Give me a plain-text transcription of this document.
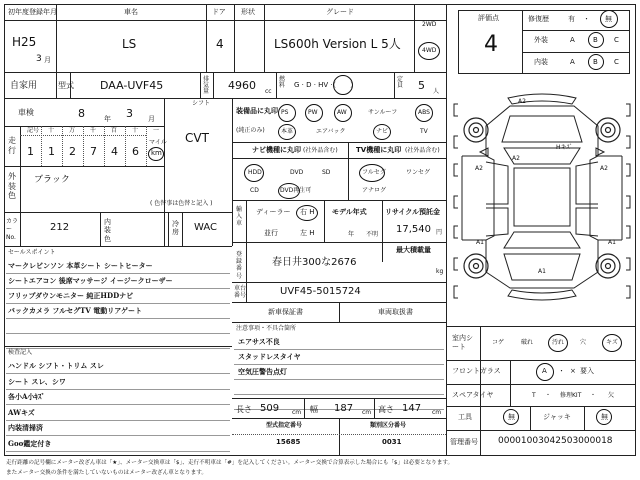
初年度登録年月
H25
3 月
車名
LS
ドア
4
形状	グレード
LS600h Version L 5人
2WD
4WD
自家用	型式 DAA-UVF45	排気量 4960 cc
燃料 G · D · HV ·（　　）
定員 5 人
車検	8	年 3 月
シフト
CVT
走行
記号 十 万 千 百 十 一
1 1 2 7 4 6
マイル
km
外装色
ブラック
( 色替事は色替と記入 )
カラーNo.
212	内装色
冷房 WAC
装備品に丸印
(純正のみ)
PS	PW	AW	サンルーフ	ABS
本革	エアバック	ナビ	TV
ナビ機種に丸印 (社外品含む)	TV機種に丸印 (社外品含む)
HDD	DVD	SD
CD	DVD再生可
フルセグ	ワンセグ
アナログ
輸入車
ディーラー 右 H
並行	左 H
モデル年式
年 不明
リサイクル預託金
17,540 円
最大積載量
kg
登録番号
春日井300な2676
車台番号	UVF45-5015724
セールスポイント
マークレビンソン 本革シート シートヒーター
シートエアコン 後席マッサージ イージークローザー
フリップダウンモニター 純正HDDナビ
バックカメラ フルセグTV 電動リアゲート	新車保証書	車両取扱書
注意事項・不具合箇所
エアサス不良
スタッドレスタイヤ
空気圧警告点灯
検査記入
ハンドル シフト・トリム スレ
シート スレ、シワ
各小A小ｷｽﾞ
AWキズ
内装清掃済
Goo鑑定付き
長さ 509 cm 幅 187 cm 高さ 147 cm
型式指定番号
15685
類別区分番号
0031
評価点
4
修復歴	有 ・ 無
外装	A	B C
内装	A	B C
A2
A2
A2	A2
A1
A1
A1
Hキｽﾞ
室内シート
コゲ	破れ	汚れ	穴	キズ
フロントガラス	A ・ × 要入
スペアタイヤ	T ・ 修理KIT ・ 欠
工具	無	ジャッキ	無
管理番号 00001003042503000018
走行距離の記号欄にメーター改ざん車は「★」、メーター交換車は「$」、走行不明車は「#」を記入してください。メーター交換で合算表示した場合にも「$」は必要となります。
またメーター交換の条件を満たしていないものはメーター改ざん車となります。
